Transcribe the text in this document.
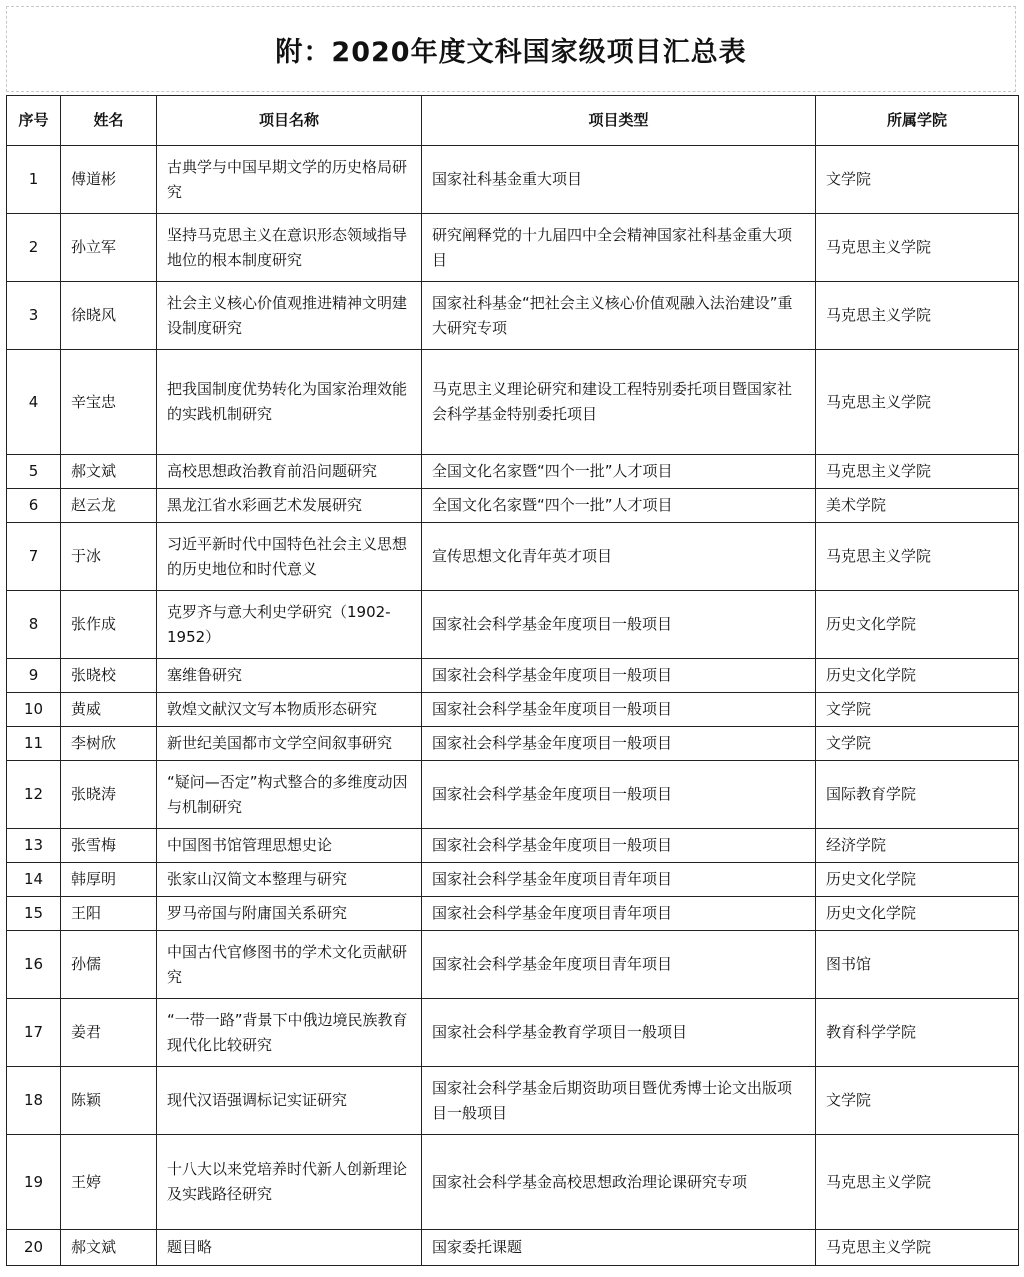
附：2020年度文科国家级项目汇总表
序号	姓名	项目名称	项目类型	所属学院
1	傅道彬	古典学与中国早期文学的历史格局研究	国家社科基金重大项目	文学院
2	孙立军	坚持马克思主义在意识形态领域指导地位的根本制度研究	研究阐释党的十九届四中全会精神国家社科基金重大项目	马克思主义学院
3	徐晓风	社会主义核心价值观推进精神文明建设制度研究	国家社科基金“把社会主义核心价值观融入法治建设”重大研究专项	马克思主义学院
4	辛宝忠	把我国制度优势转化为国家治理效能的实践机制研究	马克思主义理论研究和建设工程特别委托项目暨国家社会科学基金特别委托项目	马克思主义学院
5	郝文斌	高校思想政治教育前沿问题研究	全国文化名家暨“四个一批”人才项目	马克思主义学院
6	赵云龙	黑龙江省水彩画艺术发展研究	全国文化名家暨“四个一批”人才项目	美术学院
7	于冰	习近平新时代中国特色社会主义思想的历史地位和时代意义	宣传思想文化青年英才项目	马克思主义学院
8	张作成	克罗齐与意大利史学研究（1902-1952）	国家社会科学基金年度项目一般项目	历史文化学院
9	张晓校	塞维鲁研究	国家社会科学基金年度项目一般项目	历史文化学院
10	黄威	敦煌文献汉文写本物质形态研究	国家社会科学基金年度项目一般项目	文学院
11	李树欣	新世纪美国都市文学空间叙事研究	国家社会科学基金年度项目一般项目	文学院
12	张晓涛	“疑问—否定”构式整合的多维度动因与机制研究	国家社会科学基金年度项目一般项目	国际教育学院
13	张雪梅	中国图书馆管理思想史论	国家社会科学基金年度项目一般项目	经济学院
14	韩厚明	张家山汉简文本整理与研究	国家社会科学基金年度项目青年项目	历史文化学院
15	王阳	罗马帝国与附庸国关系研究	国家社会科学基金年度项目青年项目	历史文化学院
16	孙儒	中国古代官修图书的学术文化贡献研究	国家社会科学基金年度项目青年项目	图书馆
17	姜君	“一带一路”背景下中俄边境民族教育现代化比较研究	国家社会科学基金教育学项目一般项目	教育科学学院
18	陈颖	现代汉语强调标记实证研究	国家社会科学基金后期资助项目暨优秀博士论文出版项目一般项目	文学院
19	王婷	十八大以来党培养时代新人创新理论及实践路径研究	国家社会科学基金高校思想政治理论课研究专项	马克思主义学院
20	郝文斌	题目略	国家委托课题	马克思主义学院
